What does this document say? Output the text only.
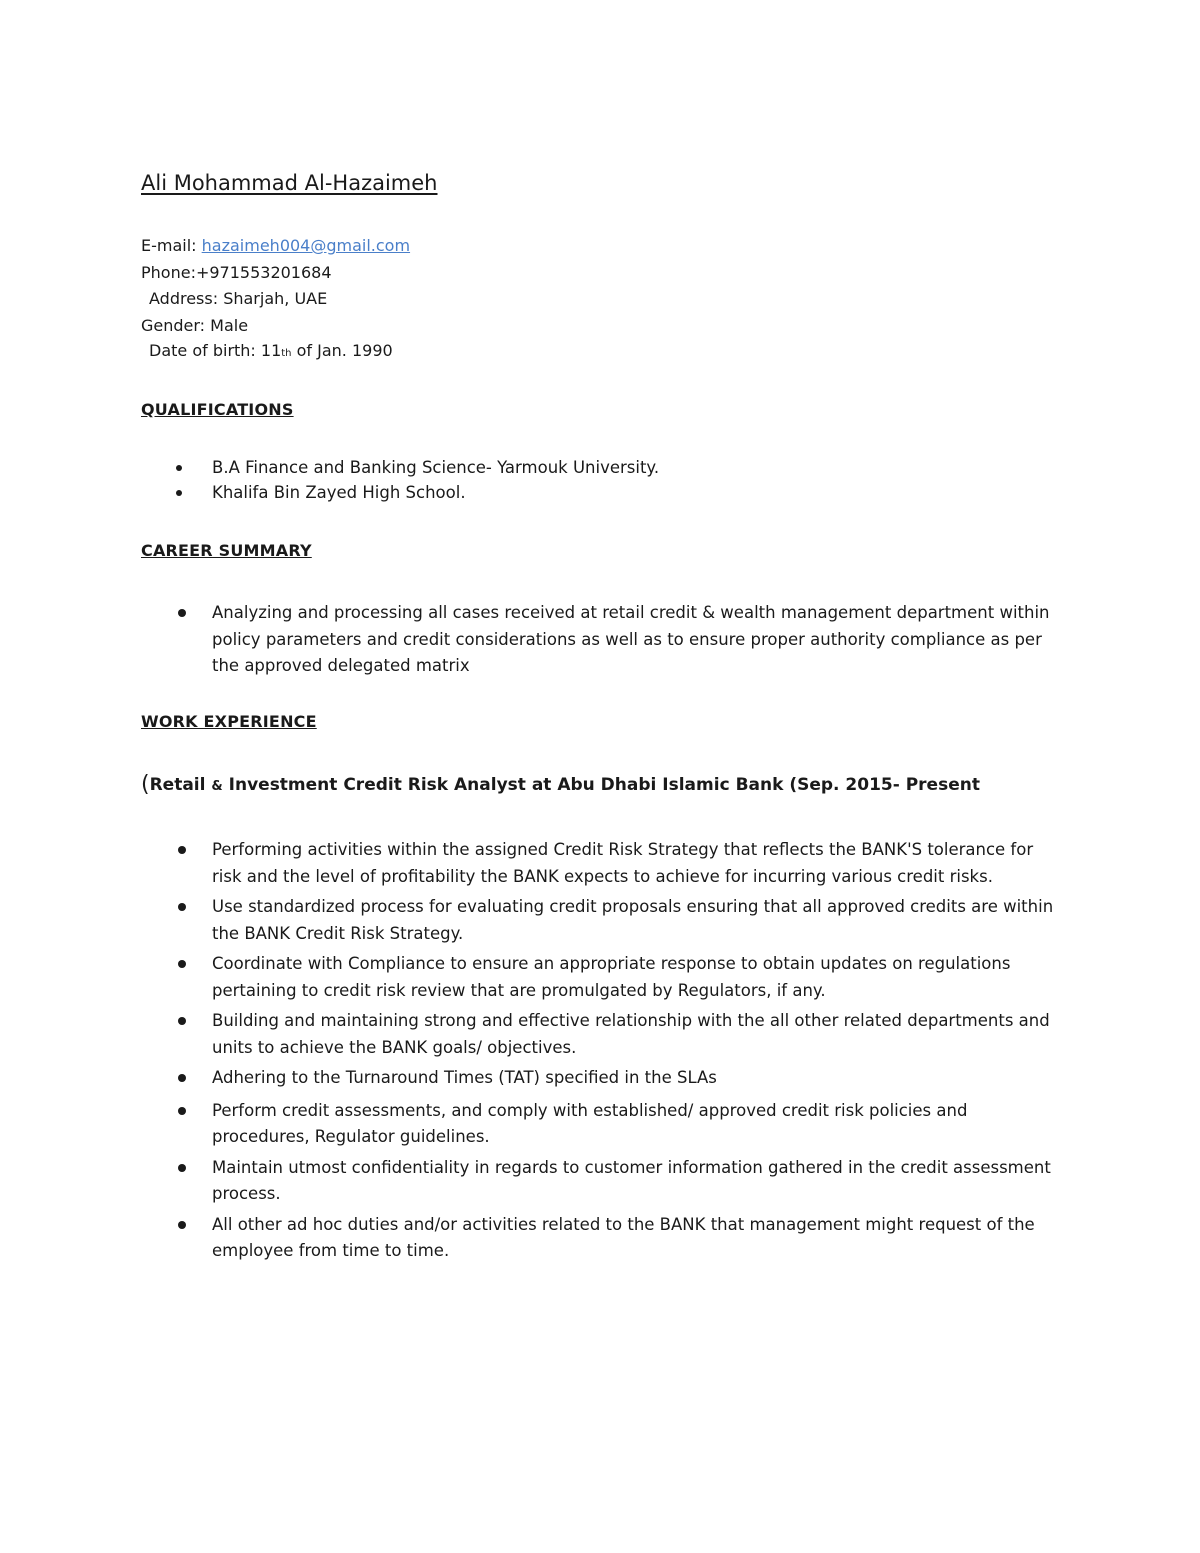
Ali Mohammad Al-Hazaimeh
E-mail: hazaimeh004@gmail.com
Phone:+971553201684
Address: Sharjah, UAE
Gender: Male
Date of birth: 11th of Jan. 1990
QUALIFICATIONS
B.A Finance and Banking Science- Yarmouk University.
Khalifa Bin Zayed High School.
CAREER SUMMARY
Analyzing and processing all cases received at retail credit & wealth management department within policy parameters and credit considerations as well as to ensure proper authority compliance as per the approved delegated matrix
WORK EXPERIENCE
(Retail & Investment Credit Risk Analyst at Abu Dhabi Islamic Bank (Sep. 2015- Present
Performing activities within the assigned Credit Risk Strategy that reflects the BANK'S tolerance for risk and the level of profitability the BANK expects to achieve for incurring various credit risks.
Use standardized process for evaluating credit proposals ensuring that all approved credits are within the BANK Credit Risk Strategy.
Coordinate with Compliance to ensure an appropriate response to obtain updates on regulations pertaining to credit risk review that are promulgated by Regulators, if any.
Building and maintaining strong and effective relationship with the all other related departments and units to achieve the BANK goals/ objectives.
Adhering to the Turnaround Times (TAT) specified in the SLAs
Perform credit assessments, and comply with established/ approved credit risk policies and procedures, Regulator guidelines.
Maintain utmost confidentiality in regards to customer information gathered in the credit assessment process.
All other ad hoc duties and/or activities related to the BANK that management might request of the employee from time to time.
